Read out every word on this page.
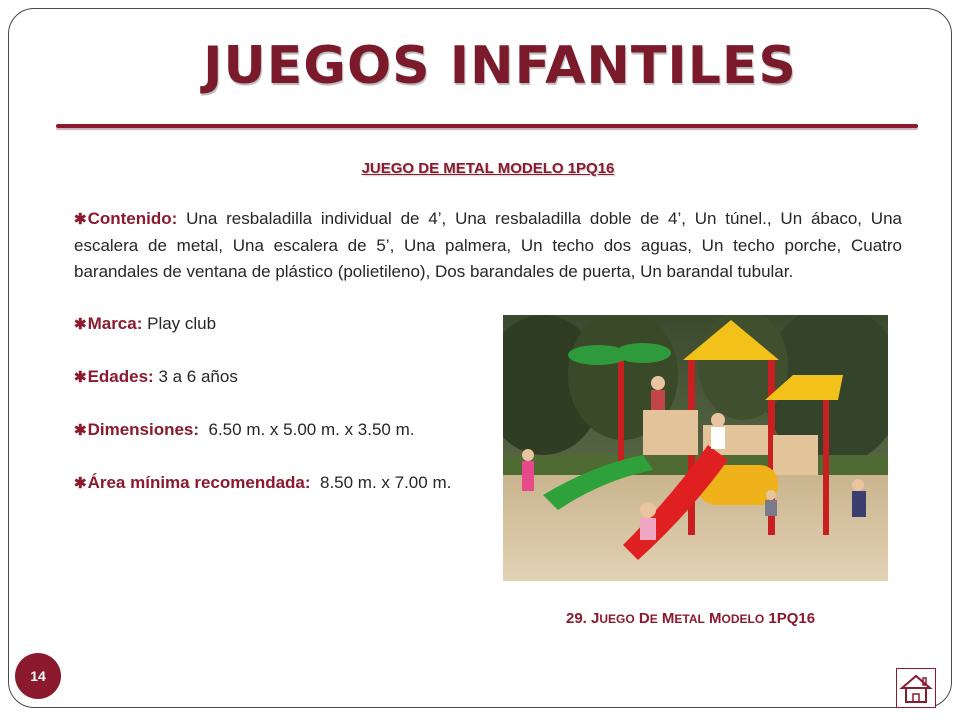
JUEGOS INFANTILES
JUEGO DE METAL MODELO 1PQ16

✱Contenido: Una resbaladilla individual de 4’, Una resbaladilla doble de 4’, Un túnel., Un ábaco, Una escalera de metal, Una escalera de 5’, Una palmera, Un techo dos aguas, Un techo porche, Cuatro barandales de ventana de plástico (polietileno), Dos barandales de puerta, Un barandal tubular.

✱Marca: Play club

✱Edades: 3 a 6 años

✱Dimensiones:  6.50 m. x 5.00 m. x 3.50 m.

✱Área mínima recomendada:  8.50 m. x 7.00 m.

29. JUEGO DE METAL MODELO 1PQ16
14
